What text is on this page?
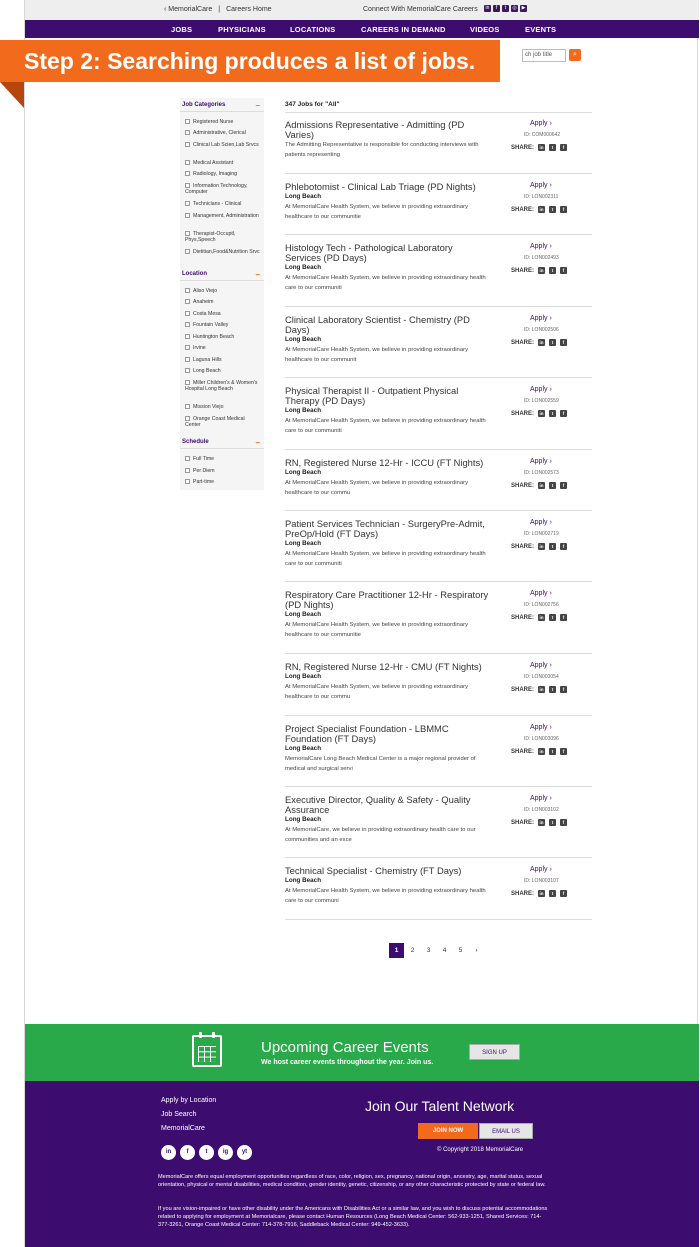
‹ MemorialCare | Careers Home	Connect With MemorialCare Careers	in	f	t	◎ ▶
JOBS	PHYSICIANS	LOCATIONS	CAREERS IN DEMAND	VIDEOS	EVENTS
ch job title	⌕
Job Categories	–
Registered Nurse
Administrative, Clerical
Clinical Lab Scien,Lab Srvcs
Medical Assistant
Radiology, Imaging
Information Technology, Computer
Technicians - Clinical
Management, Administration
Therapist-Occuptl, Phys,Speech
Dietitian,Food&Nutrition Srvc
Location	–
Aliso Viejo
Anaheim
Costa Mesa
Fountain Valley
Huntington Beach
Irvine
Laguna Hills
Long Beach
Miller Children's & Women's Hospital Long Beach
Mission Viejo
Orange Coast Medical Center
Schedule	–
Full Time
Per Diem
Part-time
347 Jobs for "All"
Admissions Representative - Admitting (PD Varies)
The Admitting Representative is responsible for conducting interviews with patients representing
Apply ›
ID: COM000642
SHARE:	in	t	f
Phlebotomist - Clinical Lab Triage (PD Nights)
Long Beach
At MemorialCare Health System, we believe in providing extraordinary healthcare to our communitie
Apply ›
ID: LON002311
SHARE:	in	t	f
Histology Tech - Pathological Laboratory Services (PD Days)
Long Beach
At MemorialCare Health System, we believe in providing extraordinary health care to our communiti
Apply ›
ID: LON002493
SHARE:	in	t	f
Clinical Laboratory Scientist - Chemistry (PD Days)
Long Beach
At MemorialCare Health System, we believe in providing extraordinary healthcare to our communit
Apply ›
ID: LON002506
SHARE:	in	t	f
Physical Therapist II - Outpatient Physical Therapy (PD Days)
Long Beach
At MemorialCare Health System, we believe in providing extraordinary health care to our communiti
Apply ›
ID: LON002559
SHARE:	in	t	f
RN, Registered Nurse 12-Hr - ICCU (FT Nights)
Long Beach
At MemorialCare Health System, we believe in providing extraordinary healthcare to our commu
Apply ›
ID: LON002573
SHARE:	in	t	f
Patient Services Technician - SurgeryPre-Admit, PreOp/Hold (FT Days)
Long Beach
At MemorialCare Health System, we believe in providing extraordinary health care to our communiti
Apply ›
ID: LON002719
SHARE:	in	t	f
Respiratory Care Practitioner 12-Hr - Respiratory (PD Nights)
Long Beach
At MemorialCare Health System, we believe in providing extraordinary healthcare to our communitie
Apply ›
ID: LON002756
SHARE:	in	t	f
RN, Registered Nurse 12-Hr - CMU (FT Nights)
Long Beach
At MemorialCare Health System, we believe in providing extraordinary healthcare to our commu
Apply ›
ID: LON003054
SHARE:	in	t	f
Project Specialist Foundation - LBMMC Foundation (FT Days)
Long Beach
MemorialCare Long Beach Medical Center is a major regional provider of medical and surgical servi
Apply ›
ID: LON003096
SHARE:	in	t	f
Executive Director, Quality & Safety - Quality Assurance
Long Beach
At MemorialCare, we believe in providing extraordinary health care to our communities and an exce
Apply ›
ID: LON003102
SHARE:	in	t	f
Technical Specialist - Chemistry (FT Days)
Long Beach
At MemorialCare Health System, we believe in providing extraordinary health care to our communi
Apply ›
ID: LON003107
SHARE:	in	t	f
1	2	3	4	5	›
Upcoming Career Events
We host career events throughout the year. Join us.
SIGN UP
Apply by Location
Job Search
MemorialCare
Join Our Talent Network
JOIN NOW	EMAIL US
© Copyright 2018 MemorialCare
in	f	t	ig	yt
MemorialCare offers equal employment opportunities regardless of race, color, religion, sex, pregnancy, national origin, ancestry, age, marital status, sexual orientation, physical or mental disabilities, medical condition, gender identity, genetic, citizenship, or any other characteristic protected by state or federal law.
If you are vision-impaired or have other disability under the Americans with Disabilities Act or a similar law, and you wish to discuss potential accommodations related to applying for employment at Memorialcare, please contact Human Resources (Long Beach Medical Center: 562-933-1251, Shared Services: 714-377-3261, Orange Coast Medical Center: 714-378-7916, Saddleback Medical Center: 949-452-3633).
Step 2: Searching produces a list of jobs.
